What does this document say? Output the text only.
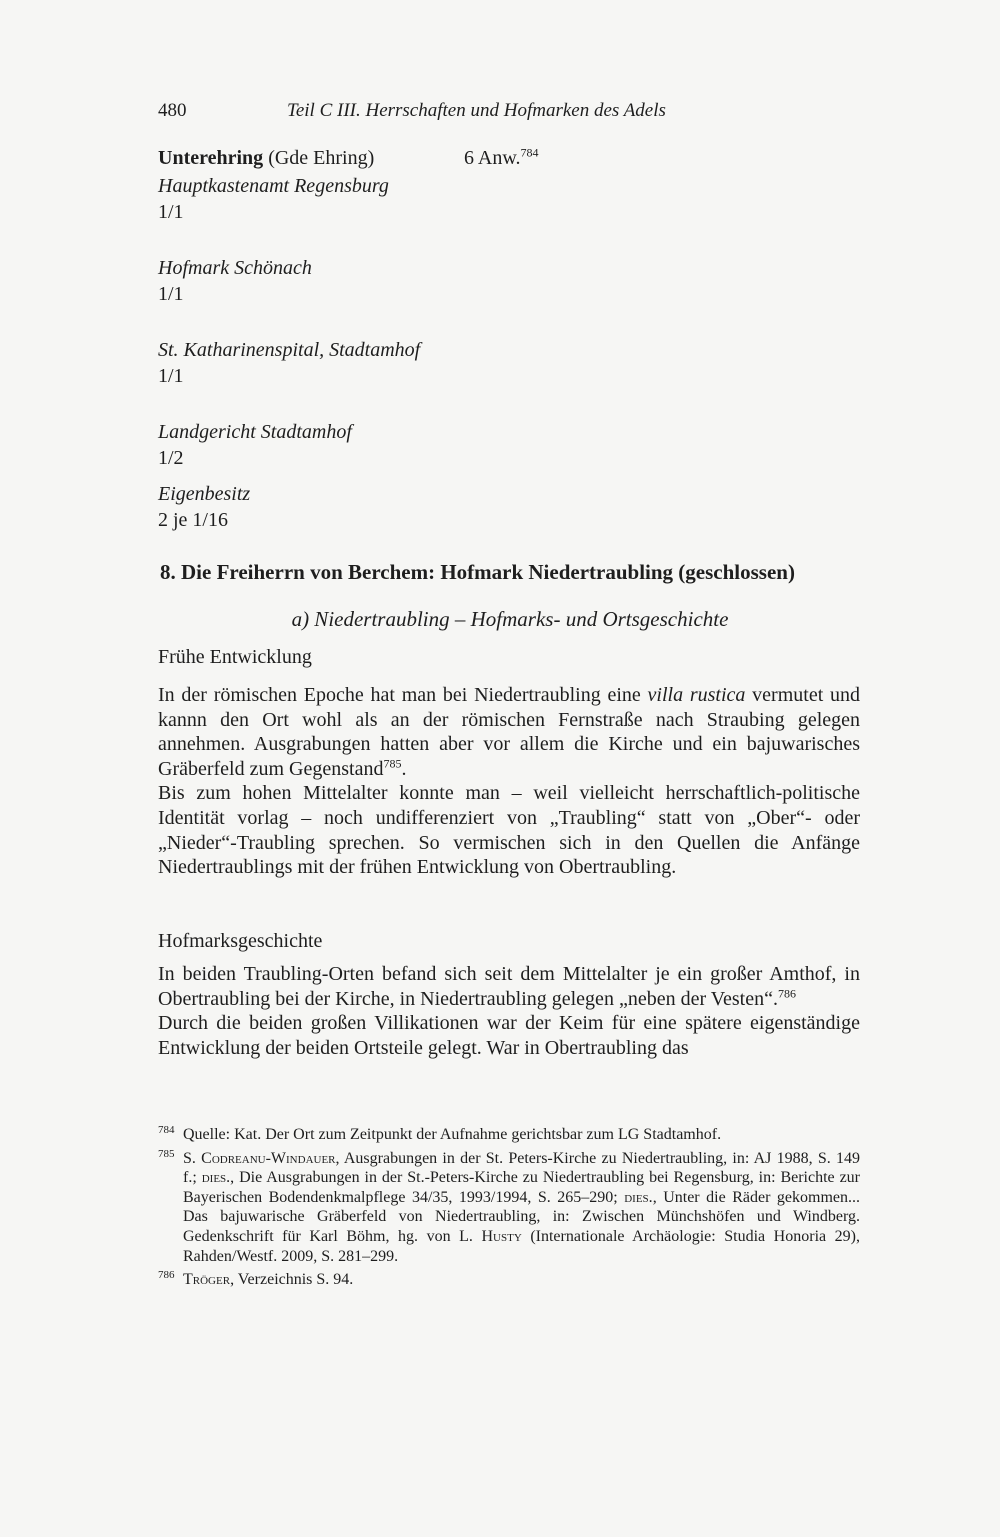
480	Teil C III. Herrschaften und Hofmarken des Adels
Unterehring (Gde Ehring)	6 Anw.$^{784}$
Hauptkastenamt Regensburg
1/1
Hofmark Schönach
1/1
St. Katharinenspital, Stadtamhof
1/1
Landgericht Stadtamhof
1/2
Eigenbesitz
2 je 1/16
8. Die Freiherrn von Berchem: Hofmark Niedertraubling (geschlossen)
a) Niedertraubling – Hofmarks- und Ortsgeschichte
Frühe Entwicklung

In der römischen Epoche hat man bei Niedertraubling eine villa rustica vermutet und kannn den Ort wohl als an der römischen Fernstraße nach Straubing gelegen annehmen. Ausgrabungen hatten aber vor allem die Kirche und ein bajuwarisches Gräberfeld zum Gegenstand$^{785}$.

Bis zum hohen Mittelalter konnte man – weil vielleicht herrschaftlich-politische Identität vorlag – noch undifferenziert von „Traubling“ statt von „Ober“- oder „Nieder“-Traubling sprechen. So vermischen sich in den Quellen die Anfänge Niedertraublings mit der frühen Entwicklung von Obertraubling.

Hofmarksgeschichte

In beiden Traubling-Orten befand sich seit dem Mittelalter je ein großer Amthof, in Obertraubling bei der Kirche, in Niedertraubling gelegen „neben der Vesten“.$^{786}$

Durch die beiden großen Villikationen war der Keim für eine spätere eigenständige Entwicklung der beiden Ortsteile gelegt. War in Obertraubling das

784 Quelle: Kat. Der Ort zum Zeitpunkt der Aufnahme gerichtsbar zum LG Stadtamhof.
785 S. Codreanu-Windauer, Ausgrabungen in der St. Peters-Kirche zu Niedertraubling, in: AJ 1988, S. 149 f.; dies., Die Ausgrabungen in der St.-Peters-Kirche zu Niedertraubling bei Regensburg, in: Berichte zur Bayerischen Bodendenkmalpflege 34/35, 1993/1994, S. 265–290; dies., Unter die Räder gekommen... Das bajuwarische Gräberfeld von Niedertraubling, in: Zwischen Münchshöfen und Windberg. Gedenkschrift für Karl Böhm, hg. von L. Husty (Internationale Archäologie: Studia Honoria 29), Rahden/Westf. 2009, S. 281–299.
786 Tröger, Verzeichnis S. 94.
